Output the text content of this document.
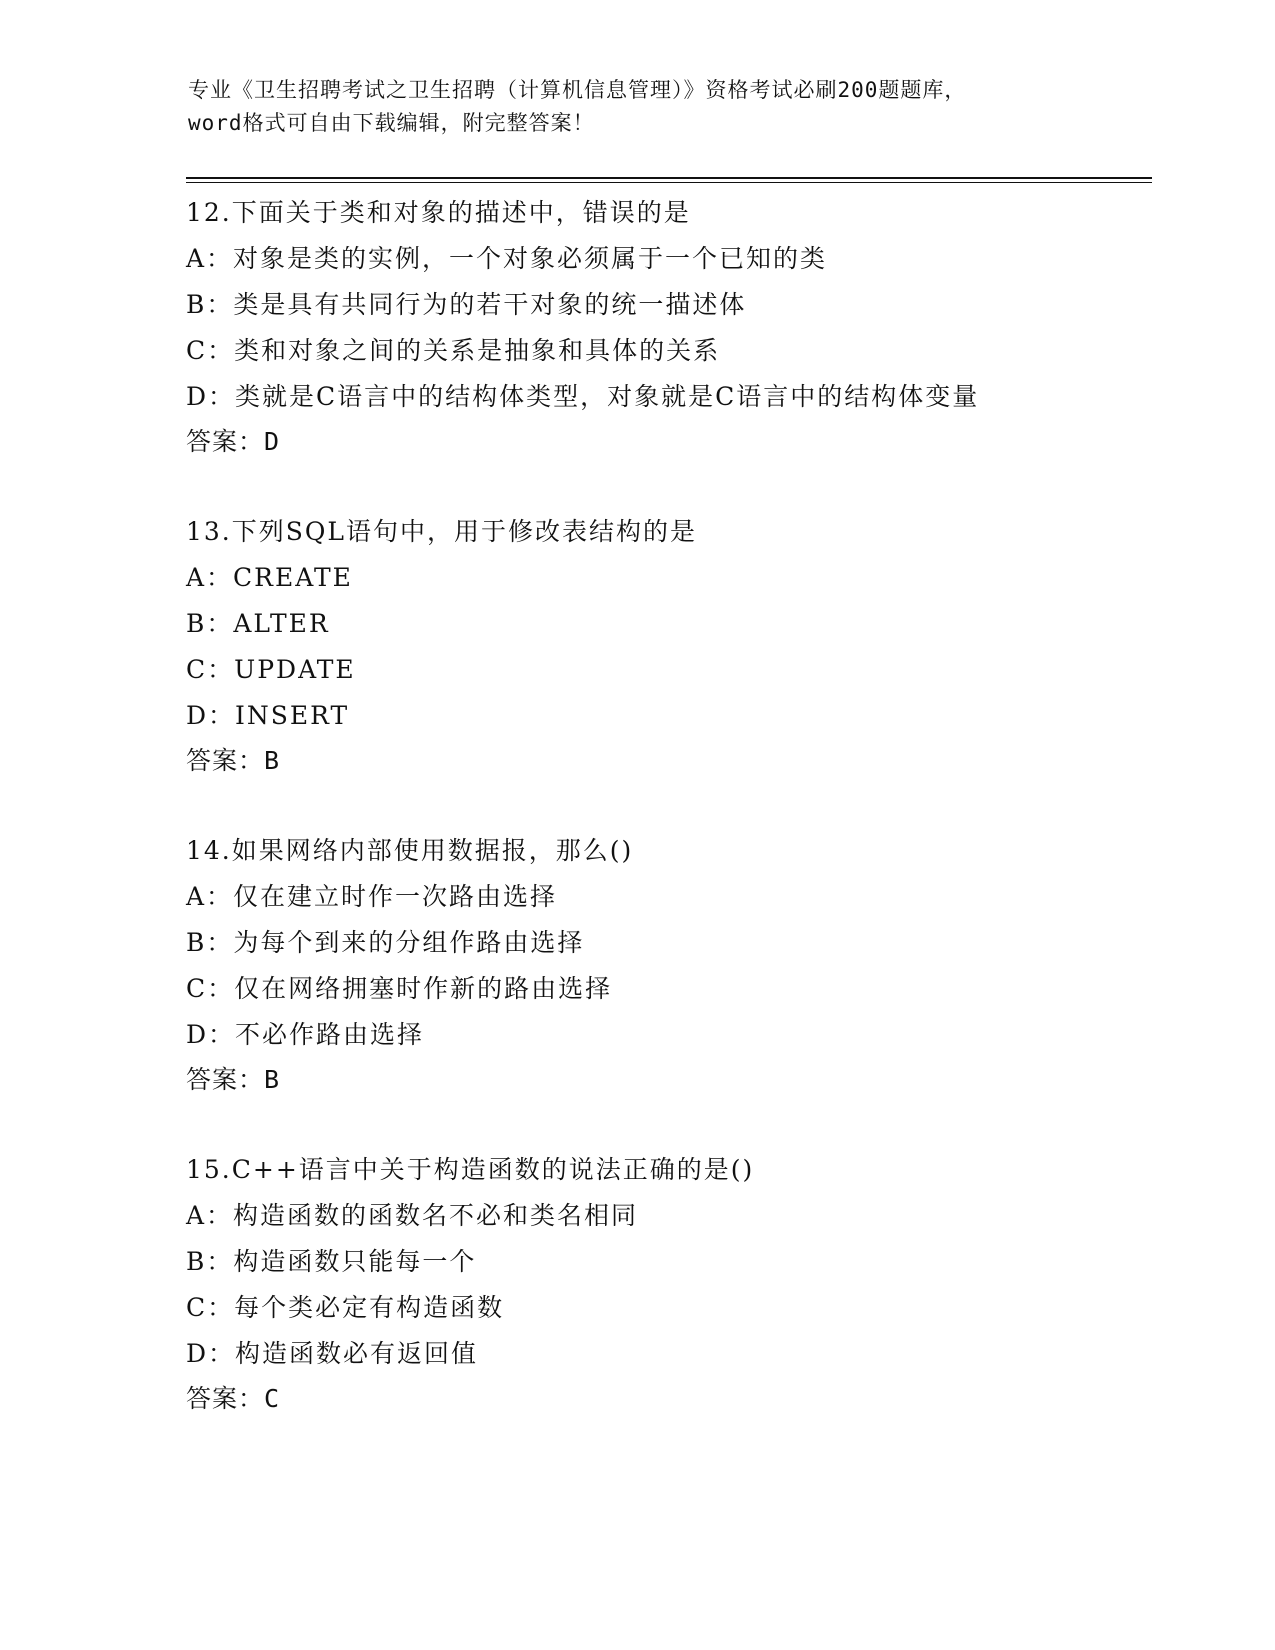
专业《卫生招聘考试之卫生招聘（计算机信息管理）》资格考试必刷200题题库，
word格式可自由下载编辑，附完整答案！
12.下面关于类和对象的描述中，错误的是
A：对象是类的实例，一个对象必须属于一个已知的类
B：类是具有共同行为的若干对象的统一描述体
C：类和对象之间的关系是抽象和具体的关系
D：类就是C语言中的结构体类型，对象就是C语言中的结构体变量
答案：D
13.下列SQL语句中，用于修改表结构的是
A：CREATE
B：ALTER
C：UPDATE
D：INSERT
答案：B
14.如果网络内部使用数据报，那么()
A：仅在建立时作一次路由选择
B：为每个到来的分组作路由选择
C：仅在网络拥塞时作新的路由选择
D：不必作路由选择
答案：B
15.C++语言中关于构造函数的说法正确的是()
A：构造函数的函数名不必和类名相同
B：构造函数只能每一个
C：每个类必定有构造函数
D：构造函数必有返回值
答案：C
